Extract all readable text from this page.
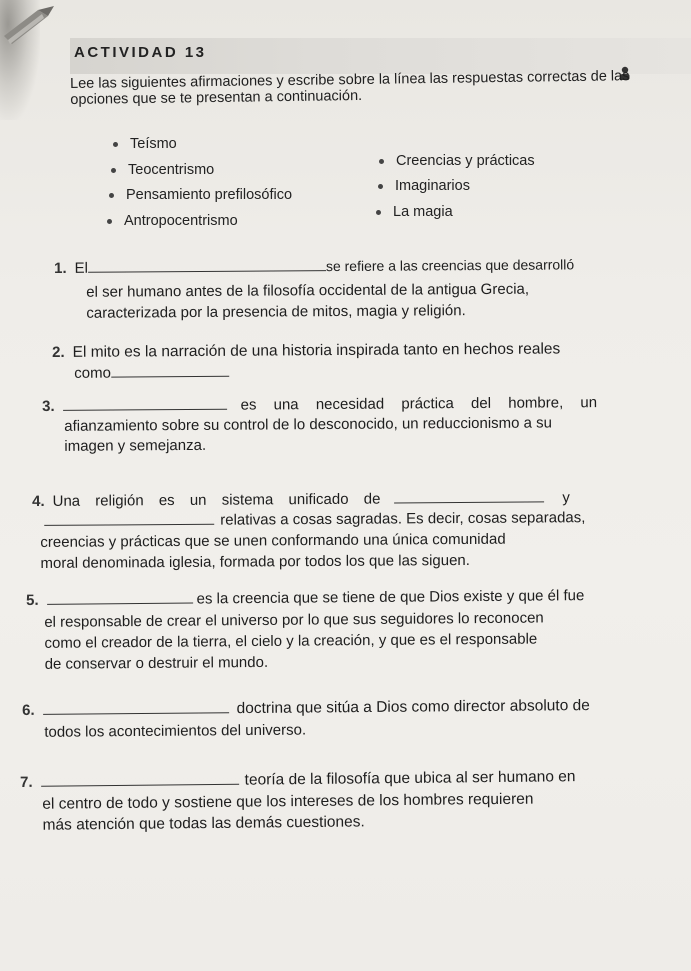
ACTIVIDAD 13
Lee las siguientes afirmaciones y escribe sobre la línea las respuestas correctas de las opciones que se te presentan a continuación.
Teísmo
Teocentrismo
Pensamiento prefilosófico
Antropocentrismo
Creencias y prácticas
Imaginarios
La magia
1. El	se refiere a las creencias que desarrolló
el ser humano antes de la filosofía occidental de la antigua Grecia,
caracterizada por la presencia de mitos, magia y religión.
2. El mito es la narración de una historia inspirada tanto en hechos reales
como
3.	es una necesidad práctica del hombre, un
afianzamiento sobre su control de lo desconocido, un reduccionismo a su
imagen y semejanza.
4. Una religión es un sistema unificado de	y
relativas a cosas sagradas. Es decir, cosas separadas,
creencias y prácticas que se unen conformando una única comunidad
moral denominada iglesia, formada por todos los que las siguen.
5.	es la creencia que se tiene de que Dios existe y que él fue
el responsable de crear el universo por lo que sus seguidores lo reconocen
como el creador de la tierra, el cielo y la creación, y que es el responsable
de conservar o destruir el mundo.
6.	doctrina que sitúa a Dios como director absoluto de
todos los acontecimientos del universo.
7.	teoría de la filosofía que ubica al ser humano en
el centro de todo y sostiene que los intereses de los hombres requieren
más atención que todas las demás cuestiones.
